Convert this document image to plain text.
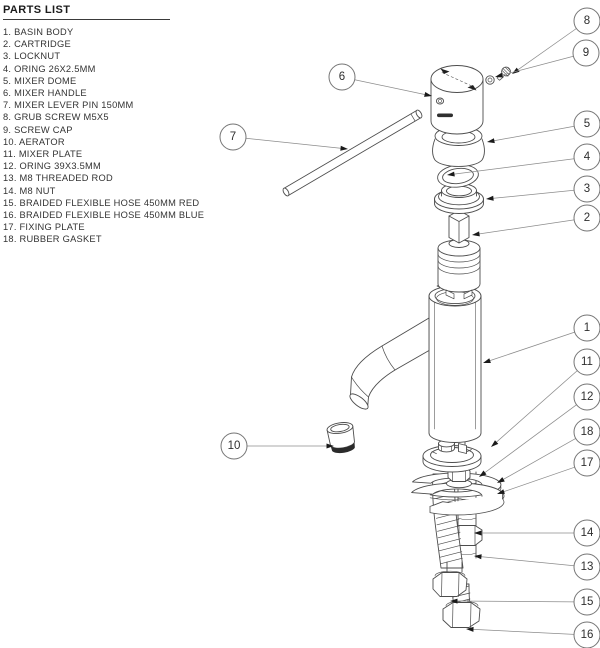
PARTS LIST
1. BASIN BODY
2. CARTRIDGE
3. LOCKNUT
4. ORING 26X2.5MM
5. MIXER DOME
6. MIXER HANDLE
7. MIXER LEVER PIN 150MM
8. GRUB SCREW M5X5
9. SCREW CAP
10. AERATOR
11. MIXER PLATE
12. ORING 39X3.5MM
13. M8 THREADED ROD
14. M8 NUT
15. BRAIDED FLEXIBLE HOSE 450MM RED
16. BRAIDED FLEXIBLE HOSE 450MM BLUE
17. FIXING PLATE
18. RUBBER GASKET
8
9
6
5
7
4
3
2
1
11
12
18
10
17
14
13
15
16
